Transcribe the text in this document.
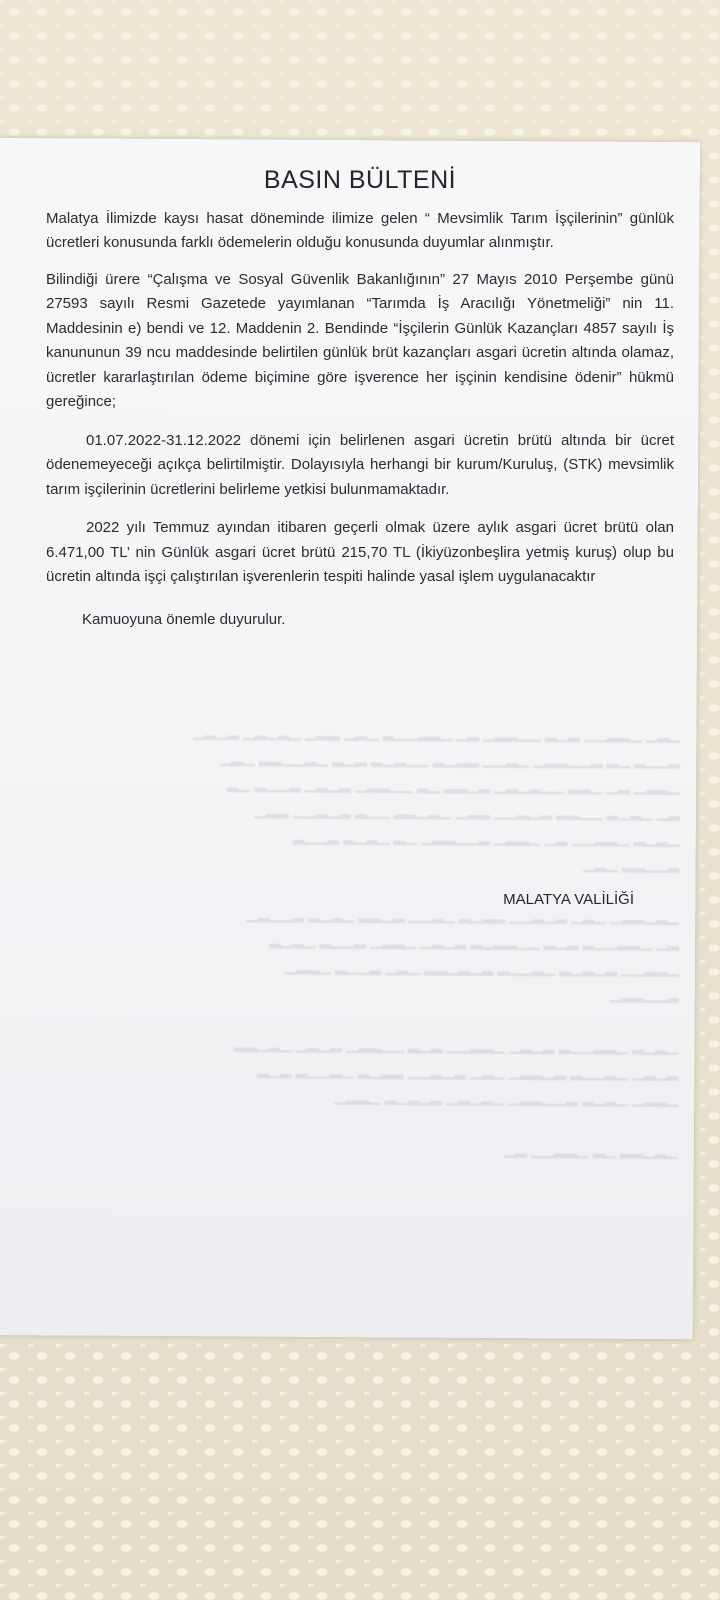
▁▂▁ ▁▂▂▁▁ ▂▁▂ ▁▁▂▂▁ ▂▁ ▁▂▂▁▁▂ ▁▂▁ ▂▂▁ ▁▂▁▂▁ ▂▁▂▁
▂▁▁▂ ▁▂ ▂▁▁▂▂▁ ▁▂▁▁ ▂▂▁▂ ▁▁▂▁▂ ▂▁▂ ▁▂▁▁▂▂ ▁▂▁
▁▂▂▁ ▂▁ ▁▂▂ ▁▁▂▁▂▁ ▂▁▂▂ ▁▂ ▁▁▂▂▁ ▂▁▂▁ ▂▁▁▂ ▁▂
▂▁ ▁▂▁▂ ▁▁▂▂ ▂▁▂▁▁ ▂▂▁ ▁▂▁▂▂ ▁▁▂ ▂▁▂▁▁ ▂▂▁
▁▂▁▂ ▁▂▂▁▁ ▂▁ ▁▂▂▁ ▂▁▁▂▂▁ ▁▂ ▁▂▁▂ ▂▁▁▂
▂▁▁▂▂ ▁▂▁

▁▂▁▂▂▁ ▁▂▁ ▂▁▂▁▁ ▂▂▁▂ ▁▂▁▁ ▂▁▂▂ ▁▂▁▂ ▂▁▁▂▁
▂▁ ▁▂▂▁▁▂ ▂▁▂ ▁▁▂▂▁▂ ▂▁▂▁ ▁▂▂▁ ▂▁▁▂ ▁▂▁▂
▁▂▂▁▁ ▂▁▂▁▂ ▁▂▁▁▂ ▂▁▂▁▂▂ ▁▂▁ ▂▁▁▂ ▁▂▂▁
▂▁▁▂▂▁

▁▂▁▂ ▁▂▂▁▁▂ ▂▁▂▁ ▁▂▂▁▁ ▂▁▂ ▁▁▂▂▁ ▂▁▂▁ ▁▂▁▂▂
▂▁▂▁ ▁▂▁▁▂ ▂▁▂▂▁ ▁▂▁ ▂▁▂▁▁ ▂▂▁▂ ▁▂▁▁▂ ▂▁▂
▁▂▂▁ ▁▂▁▂ ▂▁▁▂▂▁ ▁▂▁▂▁ ▂▁▂▁▂ ▁▂▂▁

▁▂▁▂▂ ▁▂ ▁▂▂▁▁ ▂▁
BASIN BÜLTENİ

Malatya İlimizde kaysı hasat döneminde ilimize gelen “ Mevsimlik Tarım İşçilerinin” günlük ücretleri konusunda farklı ödemelerin olduğu konusunda duyumlar alınmıştır.

Bilindiği ürere “Çalışma ve Sosyal Güvenlik Bakanlığının” 27 Mayıs 2010 Perşembe günü 27593 sayılı Resmi Gazetede yayımlanan “Tarımda İş Aracılığı Yönetmeliği” nin 11. Maddesinin e) bendi ve 12. Maddenin 2. Bendinde “İşçilerin Günlük Kazançları 4857 sayılı İş kanununun 39 ncu maddesinde belirtilen günlük brüt kazançları asgari ücretin altında olamaz, ücretler kararlaştırılan ödeme biçimine göre işverence her işçinin kendisine ödenir” hükmü gereğince;

01.07.2022-31.12.2022 dönemi için belirlenen asgari ücretin brütü altında bir ücret ödenemeyeceği açıkça belirtilmiştir. Dolayısıyla herhangi bir kurum/Kuruluş, (STK) mevsimlik tarım işçilerinin ücretlerini belirleme yetkisi bulunmamaktadır.

2022 yılı Temmuz ayından itibaren geçerli olmak üzere aylık asgari ücret brütü olan 6.471,00 TL’ nin Günlük asgari ücret brütü 215,70 TL (İkiyüzonbeşlira yetmiş kuruş) olup bu ücretin altında işçi çalıştırılan işverenlerin tespiti halinde yasal işlem uygulanacaktır

Kamuoyuna önemle duyurulur.

MALATYA VALİLİĞİ
